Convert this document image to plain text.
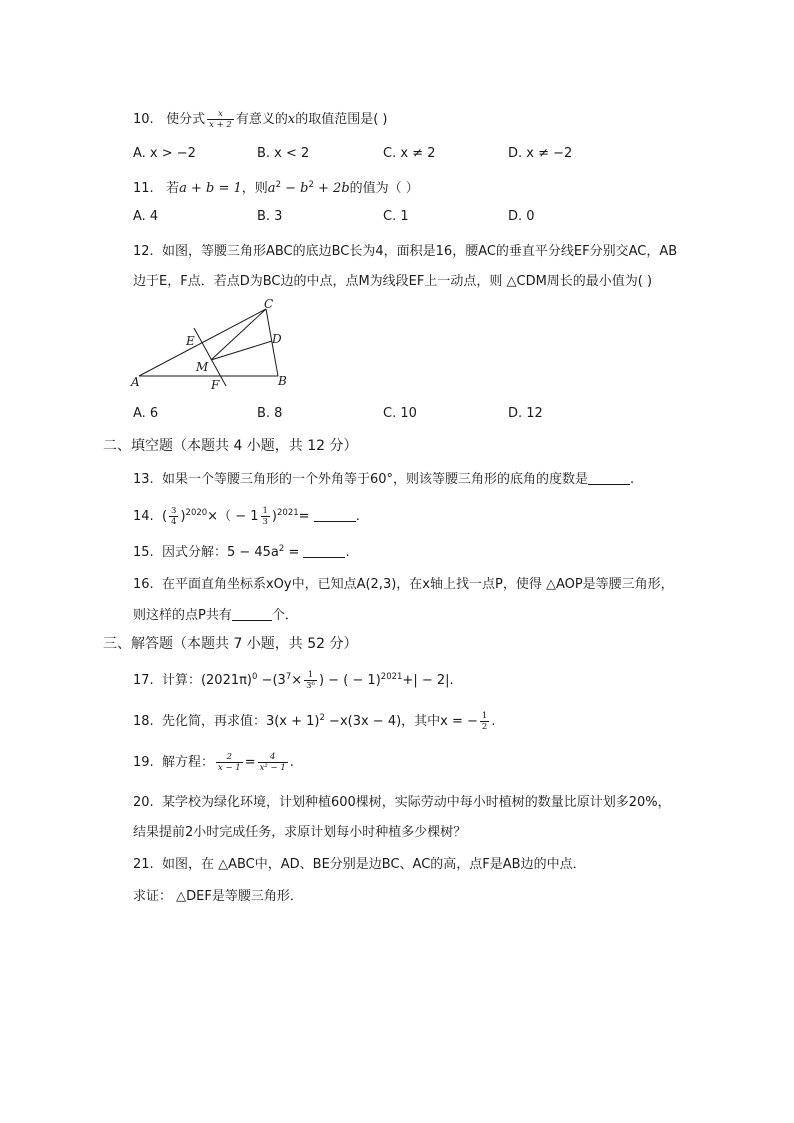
10. 使分式 $\frac{x}{x + 2}$ 有意义的x的取值范围是( )
A. x > −2	B. x < 2	C. x ≠ 2	D. x ≠ −2
11. 若a + b = 1，则$a^2 - b^2 + 2b$的值为（ ）
A. 4	B. 3	C. 1	D. 0
12. 如图，等腰三角形ABC的底边BC长为4，面积是16，腰AC的垂直平分线EF分别交AC，AB
边于E，F点．若点D为BC边的中点，点M为线段EF上一动点，则 △CDM周长的最小值为( )
C
E	D
M
A	F	B
A. 6	B. 8	C. 10	D. 12
二、填空题（本题共 4 小题，共 12 分）
13. 如果一个等腰三角形的一个外角等于60°，则该等腰三角形的底角的度数是	.
14.  ( $\frac{3}{4} )^{2020}\times( - 1 \frac{1}{3} )^{2021}=$	.
15. 因式分解：$5 - 45a^2$ =	.
16. 在平面直角坐标系xOy中，已知点A(2,3)，在x轴上找一点P，使得 △AOP是等腰三角形，
则这样的点P共有	个．
三、解答题（本题共 7 小题，共 52 分）
17. 计算：$(2021\pi)^0 -(3^7\times \frac{1}{\text{3⁶}}$ ) − ( − 1)$^{2021}$+| − 2|.
18. 先化简，再求值：$3(x + 1)^2 -x(3x - 4)$，其中x = − $\frac{1}{2}$ .
19. 解方程： $\frac{2}{x - 1} = \frac{4}{\text{x² − 1}}$ .
20. 某学校为绿化环境，计划种植600棵树，实际劳动中每小时植树的数量比原计划多20%，
结果提前2小时完成任务，求原计划每小时种植多少棵树？
21. 如图，在 △ABC中，AD、BE分别是边BC、AC的高，点F是AB边的中点．
求证： △DEF是等腰三角形．
